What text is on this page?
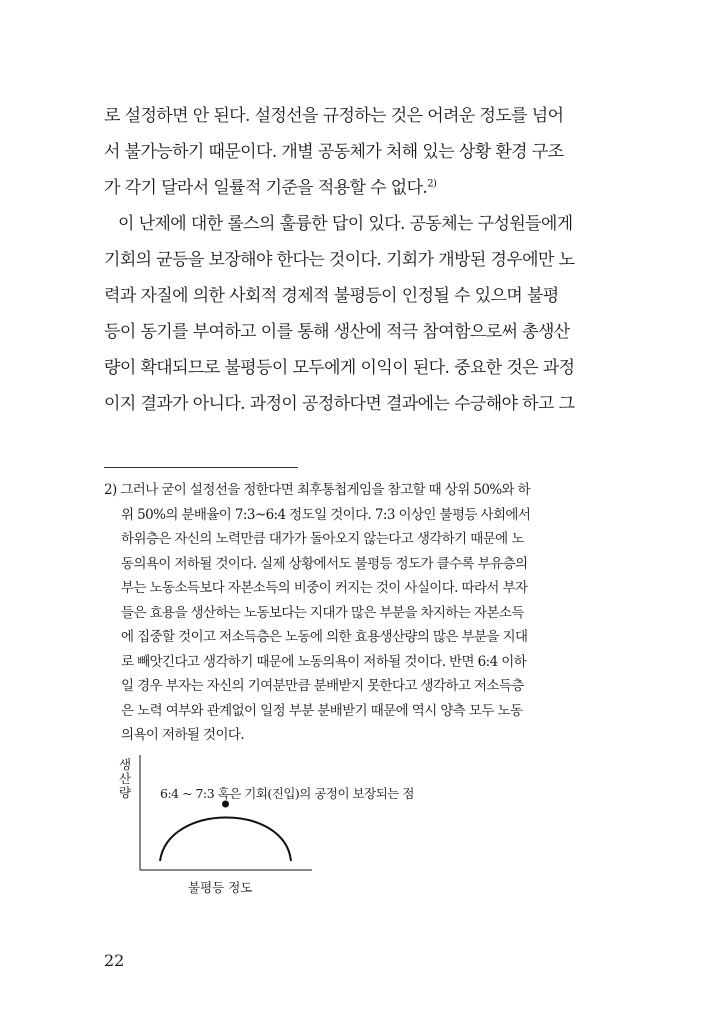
로 설정하면 안 된다. 설정선을 규정하는 것은 어려운 정도를 넘어
서 불가능하기 때문이다. 개별 공동체가 처해 있는 상황 환경 구조
가 각기 달라서 일률적 기준을 적용할 수 없다.$^{2)}$
이 난제에 대한 롤스의 훌륭한 답이 있다. 공동체는 구성원들에게
기회의 균등을 보장해야 한다는 것이다. 기회가 개방된 경우에만 노
력과 자질에 의한 사회적 경제적 불평등이 인정될 수 있으며 불평
등이 동기를 부여하고 이를 통해 생산에 적극 참여함으로써 총생산
량이 확대되므로 불평등이 모두에게 이익이 된다. 중요한 것은 과정
이지 결과가 아니다. 과정이 공정하다면 결과에는 수긍해야 하고 그
2) 그러나 굳이 설정선을 정한다면 최후통첩게임을 참고할 때 상위 50%와 하
위 50%의 분배율이 7:3~6:4 정도일 것이다. 7:3 이상인 불평등 사회에서
하위층은 자신의 노력만큼 대가가 돌아오지 않는다고 생각하기 때문에 노
동의욕이 저하될 것이다. 실제 상황에서도 불평등 정도가 클수록 부유층의
부는 노동소득보다 자본소득의 비중이 커지는 것이 사실이다. 따라서 부자
들은 효용을 생산하는 노동보다는 지대가 많은 부분을 차지하는 자본소득
에 집중할 것이고 저소득층은 노동에 의한 효용생산량의 많은 부분을 지대
로 빼앗긴다고 생각하기 때문에 노동의욕이 저하될 것이다. 반면 6:4 이하
일 경우 부자는 자신의 기여분만큼 분배받지 못한다고 생각하고 저소득층
은 노력 여부와 관계없이 일정 부분 분배받기 때문에 역시 양측 모두 노동
의욕이 저하될 것이다.
생
산
량 6:4 ~ 7:3 혹은 기회(진입)의 공정이 보장되는 점
불평등 정도
22
